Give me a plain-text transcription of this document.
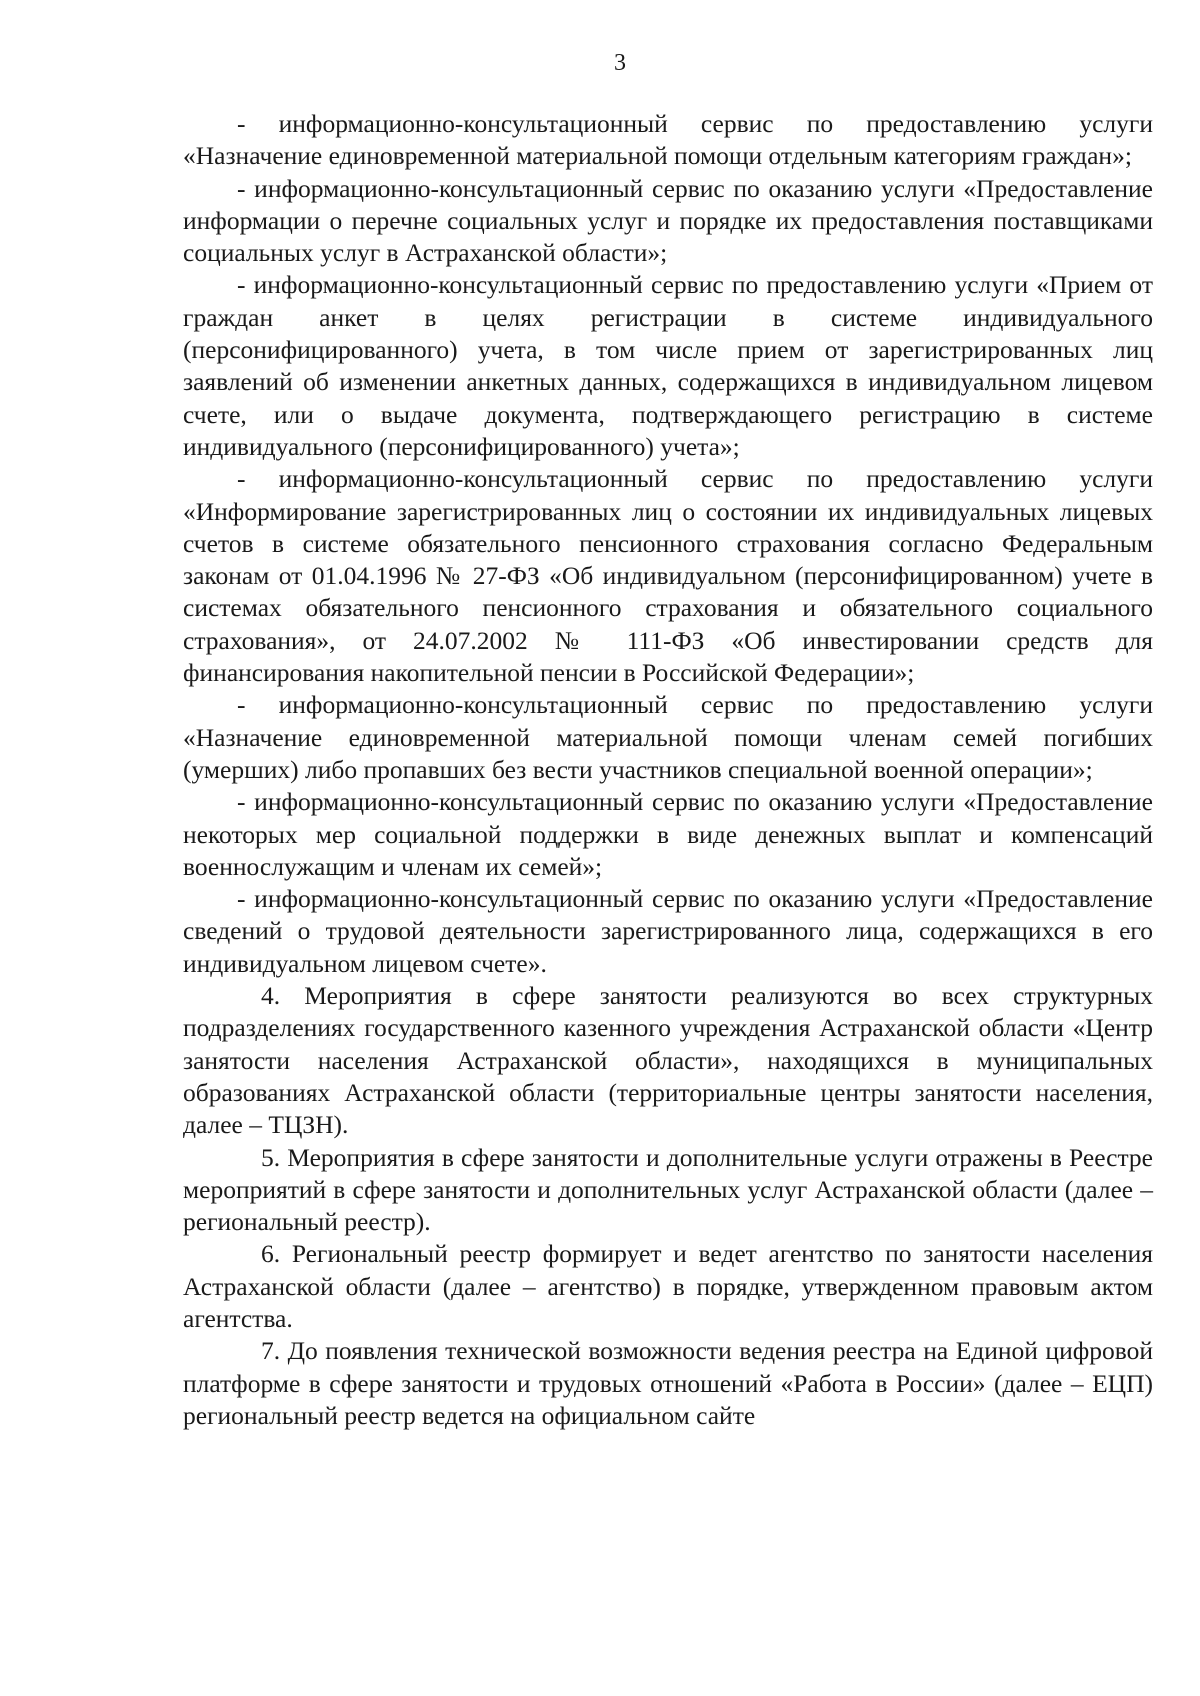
3

- информационно-консультационный сервис по предоставлению услуги «Назначение единовременной материальной помощи отдельным категориям граждан»;

- информационно-консультационный сервис по оказанию услуги «Предоставление информации о перечне социальных услуг и порядке их предоставления поставщиками социальных услуг в Астраханской области»;

- информационно-консультационный сервис по предоставлению услуги «Прием от граждан анкет в целях регистрации в системе индивидуального (персонифицированного) учета, в том числе прием от зарегистрированных лиц заявлений об изменении анкетных данных, содержащихся в индивидуальном лицевом счете, или о выдаче документа, подтверждающего регистрацию в системе индивидуального (персонифицированного) учета»;

- информационно-консультационный сервис по предоставлению услуги «Информирование зарегистрированных лиц о состоянии их индивидуальных лицевых счетов в системе обязательного пенсионного страхования согласно Федеральным законам от 01.04.1996 № 27-ФЗ «Об индивидуальном (персонифицированном) учете в системах обязательного пенсионного страхования и обязательного социального страхования», от 24.07.2002 № 111-ФЗ «Об инвестировании средств для финансирования накопительной пенсии в Российской Федерации»;

- информационно-консультационный сервис по предоставлению услуги «Назначение единовременной материальной помощи членам семей погибших (умерших) либо пропавших без вести участников специальной военной операции»;

- информационно-консультационный сервис по оказанию услуги «Предоставление некоторых мер социальной поддержки в виде денежных выплат и компенсаций военнослужащим и членам их семей»;

- информационно-консультационный сервис по оказанию услуги «Предоставление сведений о трудовой деятельности зарегистрированного лица, содержащихся в его индивидуальном лицевом счете».

4. Мероприятия в сфере занятости реализуются во всех структурных подразделениях государственного казенного учреждения Астраханской области «Центр занятости населения Астраханской области», находящихся в муниципальных образованиях Астраханской области (территориальные центры занятости населения, далее – ТЦЗН).

5. Мероприятия в сфере занятости и дополнительные услуги отражены в Реестре мероприятий в сфере занятости и дополнительных услуг Астраханской области (далее – региональный реестр).

6. Региональный реестр формирует и ведет агентство по занятости населения Астраханской области (далее – агентство) в порядке, утвержденном правовым актом агентства.

7. До появления технической возможности ведения реестра на Единой цифровой платформе в сфере занятости и трудовых отношений «Работа в России» (далее – ЕЦП) региональный реестр ведется на официальном сайте
